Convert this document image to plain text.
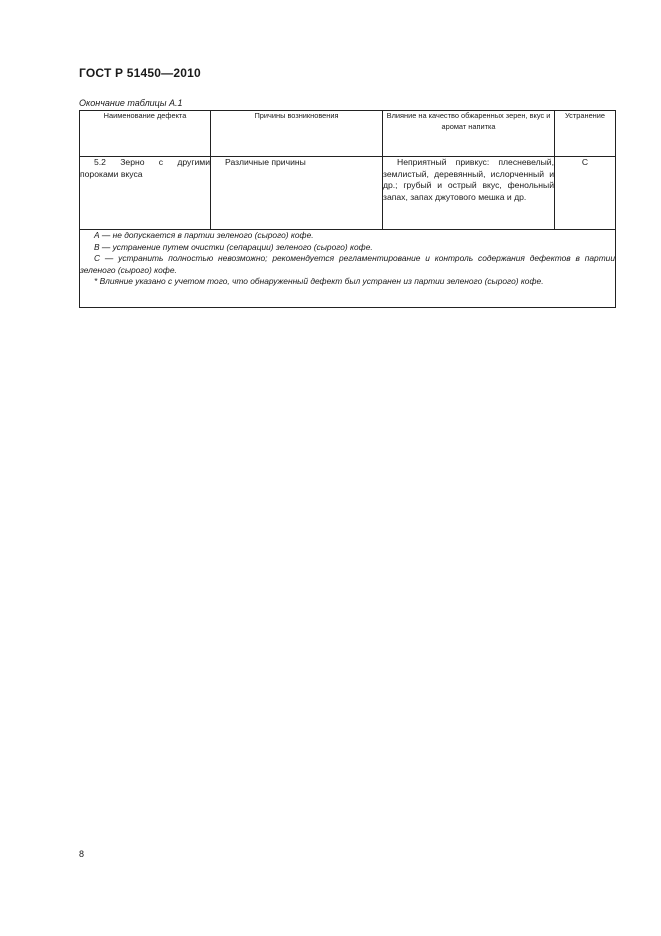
ГОСТ Р 51450—2010
Окончание таблицы А.1
Наименование дефекта	Причины возникновения	Влияние на качество обжаренных зерен, вкус и аромат напитка	Устранение
5.2 Зерно с другими пороками вкуса	Различные причины	Неприятный привкус: плесневелый, землистый, деревянный, иcлорченный и др.; грубый и острый вкус, фенольный запах, запах джутового мешка и др.	С

А — не допускается в партии зеленого (сырого) кофе.
В — устранение путем очистки (сепарации) зеленого (сырого) кофе.
С — устранить полностью невозможно; рекомендуется регламентирование и контроль содержания дефектов в партии зеленого (сырого) кофе.
* Влияние указано с учетом того, что обнаруженный дефект был устранен из партии зеленого (сырого) кофе.			
8
